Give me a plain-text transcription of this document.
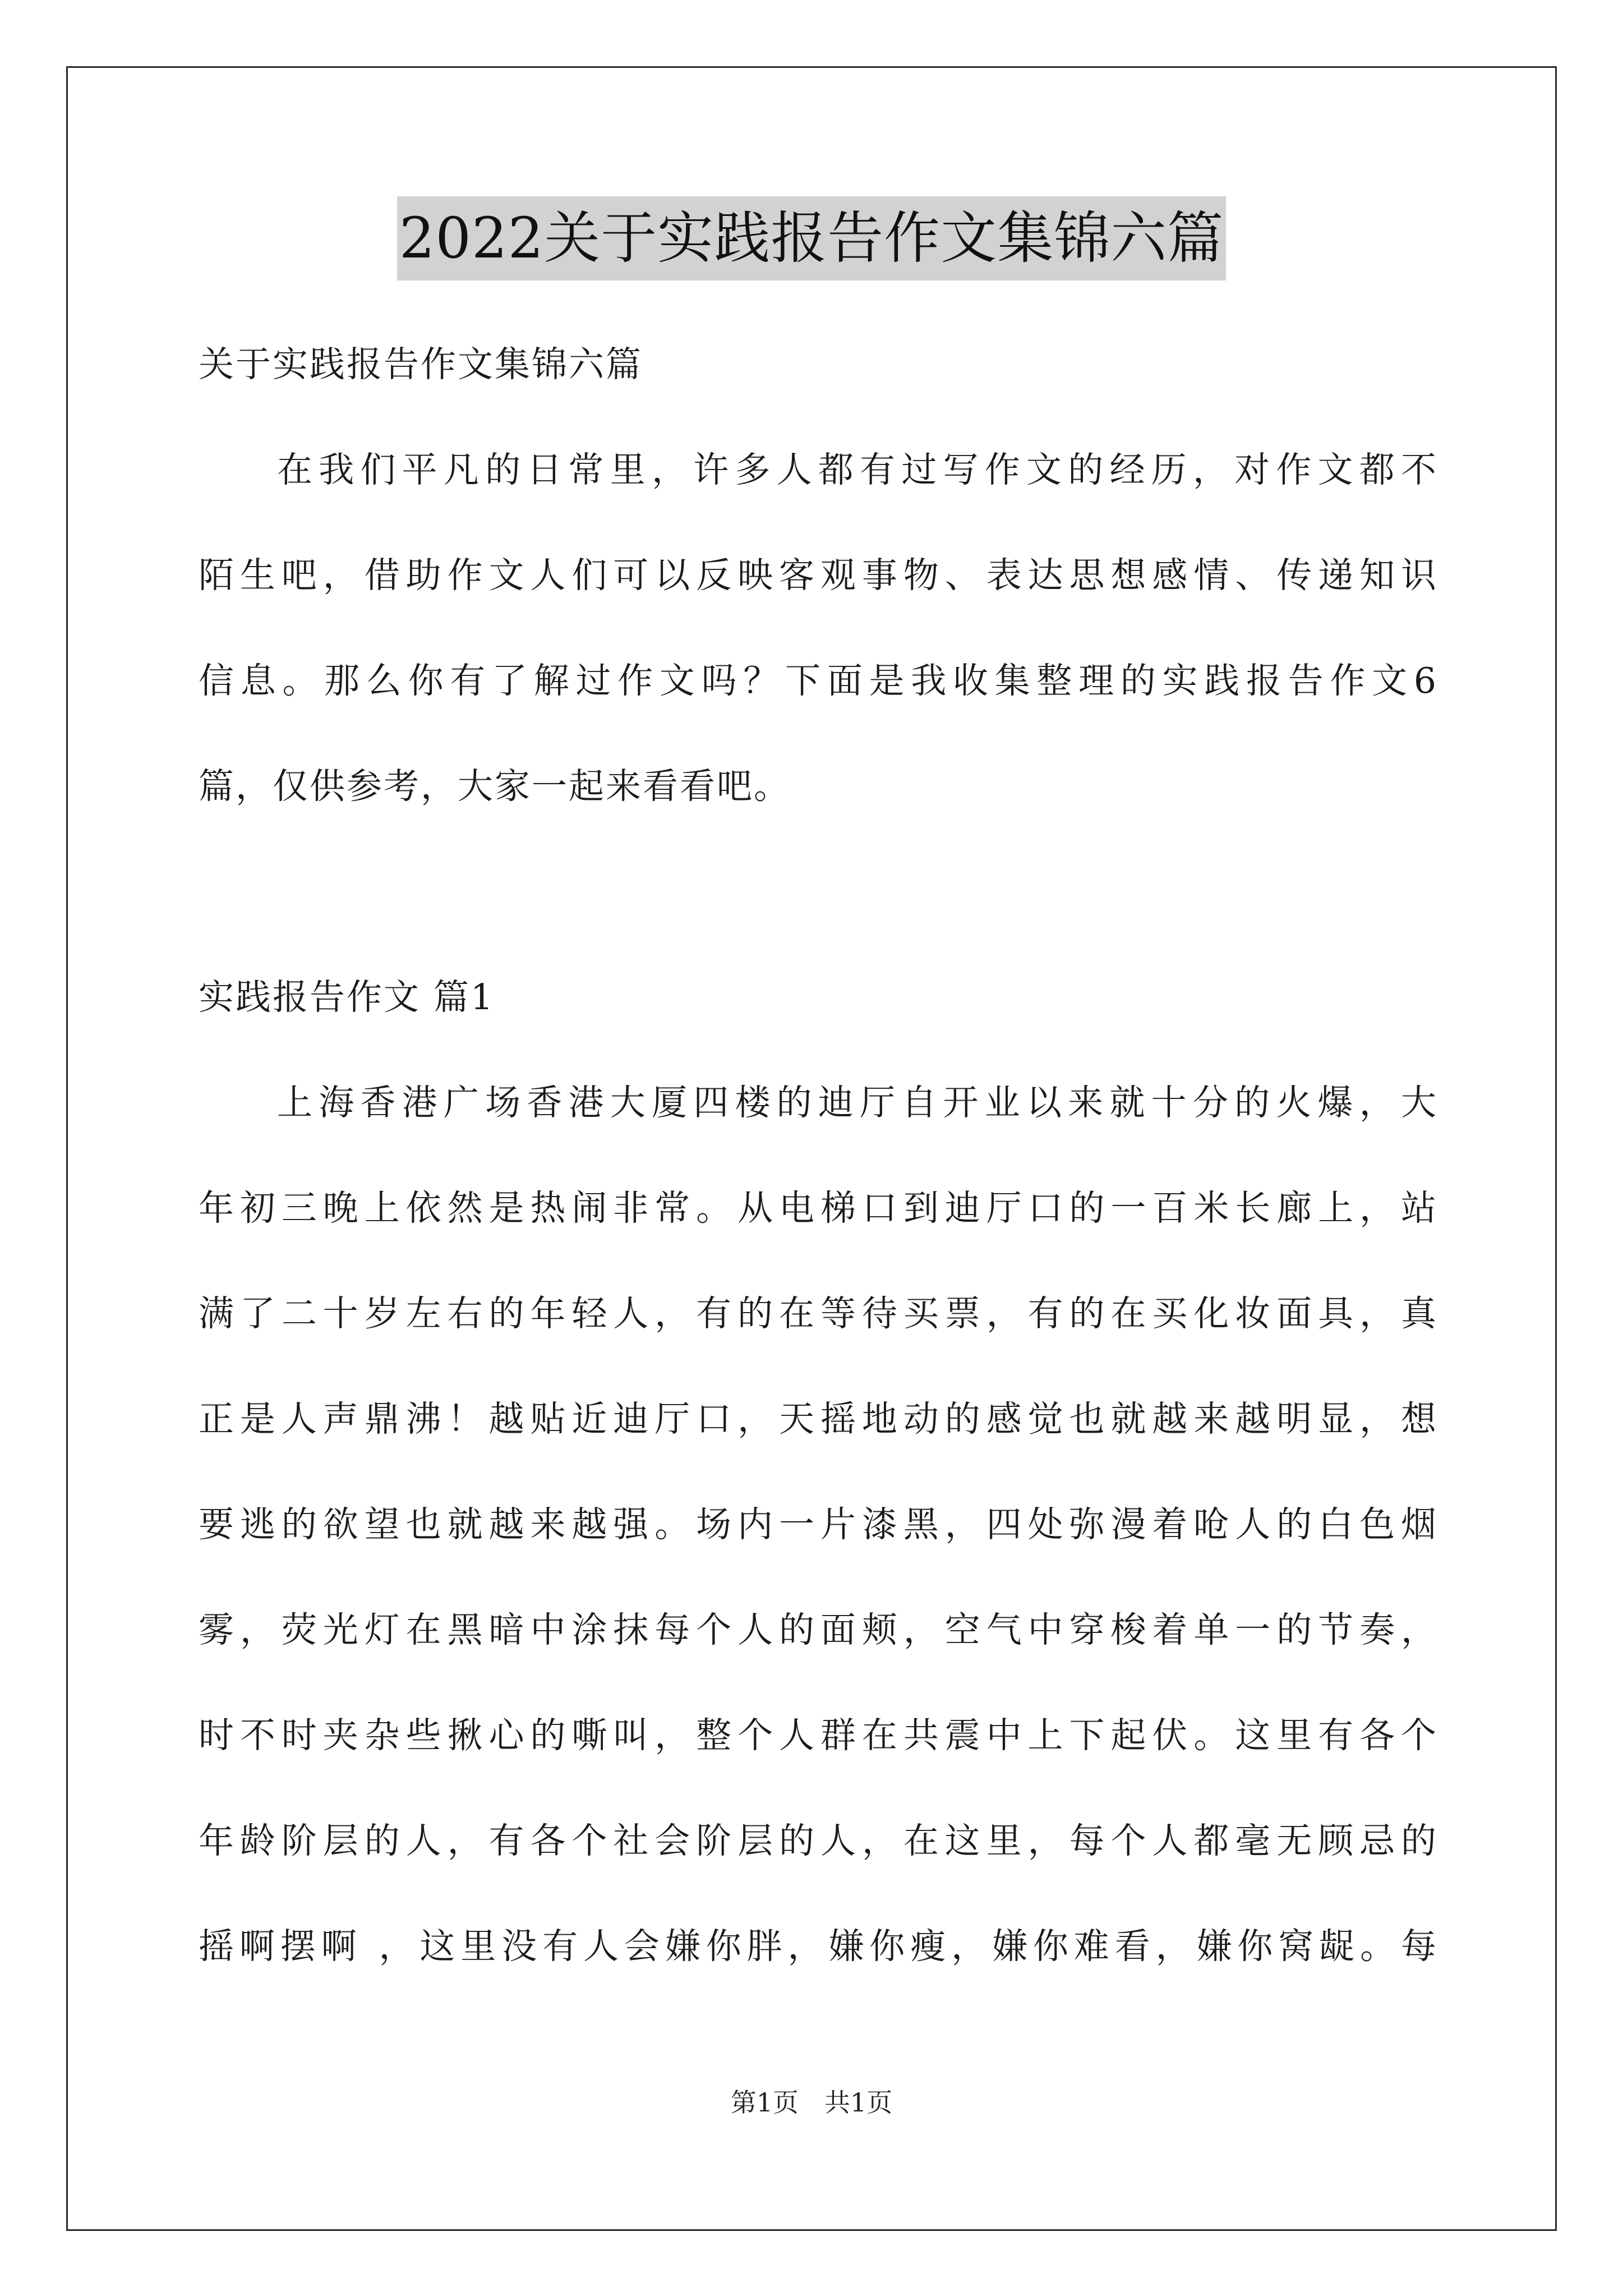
2022关于实践报告作文集锦六篇
关于实践报告作文集锦六篇
在我们平凡的日常里，许多人都有过写作文的经历，对作文都不
陌生吧，借助作文人们可以反映客观事物、表达思想感情、传递知识
信息。那么你有了解过作文吗？下面是我收集整理的实践报告作文6
篇，仅供参考，大家一起来看看吧。
实践报告作文 篇1
上海香港广场香港大厦四楼的迪厅自开业以来就十分的火爆，大
年初三晚上依然是热闹非常。从电梯口到迪厅口的一百米长廊上，站
满了二十岁左右的年轻人，有的在等待买票，有的在买化妆面具，真
正是人声鼎沸！越贴近迪厅口，天摇地动的感觉也就越来越明显，想
要逃的欲望也就越来越强。场内一片漆黑，四处弥漫着呛人的白色烟
雾，荧光灯在黑暗中涂抹每个人的面颊，空气中穿梭着单一的节奏，
时不时夹杂些揪心的嘶叫，整个人群在共震中上下起伏。这里有各个
年龄阶层的人，有各个社会阶层的人，在这里，每个人都毫无顾忌的
摇啊摆啊 ，这里没有人会嫌你胖，嫌你瘦，嫌你难看，嫌你窝龊。每
第1页 共1页
